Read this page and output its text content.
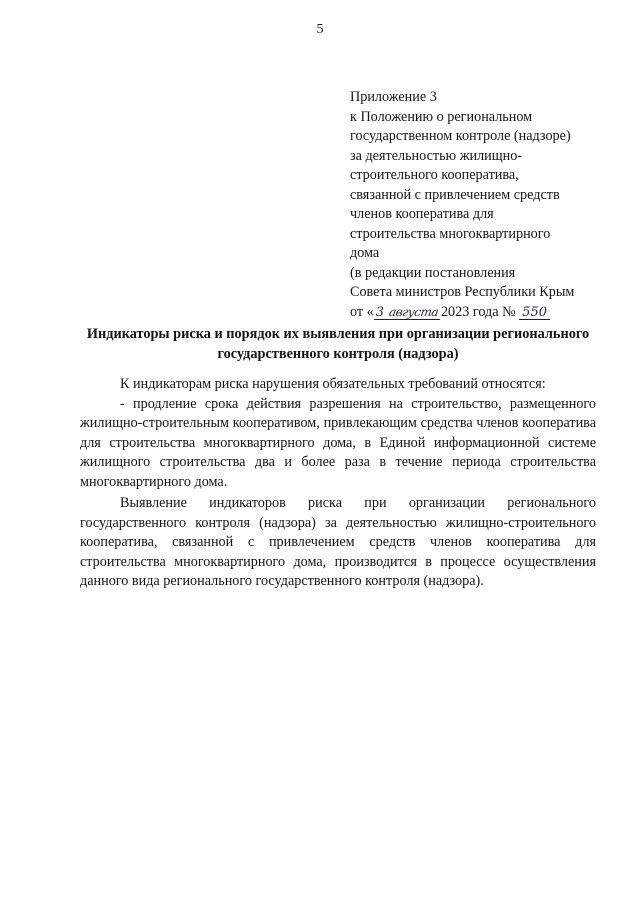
5
Приложение 3
к Положению о региональном
государственном контроле (надзоре)
за деятельностью жилищно-
строительного кооператива,
связанной с привлечением средств
членов кооператива для
строительства многоквартирного
дома
(в редакции постановления
Совета министров Республики Крым
от « 3 августа 2023 года № 550
Индикаторы риска и порядок их выявления при организации регионального государственного контроля (надзора)

К индикаторам риска нарушения обязательных требований относятся:

- продление срока действия разрешения на строительство, размещенного жилищно-строительным кооперативом, привлекающим средства членов кооператива для строительства многоквартирного дома, в Единой информационной системе жилищного строительства два и более раза в течение периода строительства многоквартирного дома.

Выявление индикаторов риска при организации регионального государственного контроля (надзора) за деятельностью жилищно-строительного кооператива, связанной с привлечением средств членов кооператива для строительства многоквартирного дома, производится в процессе осуществления данного вида регионального государственного контроля (надзора).
